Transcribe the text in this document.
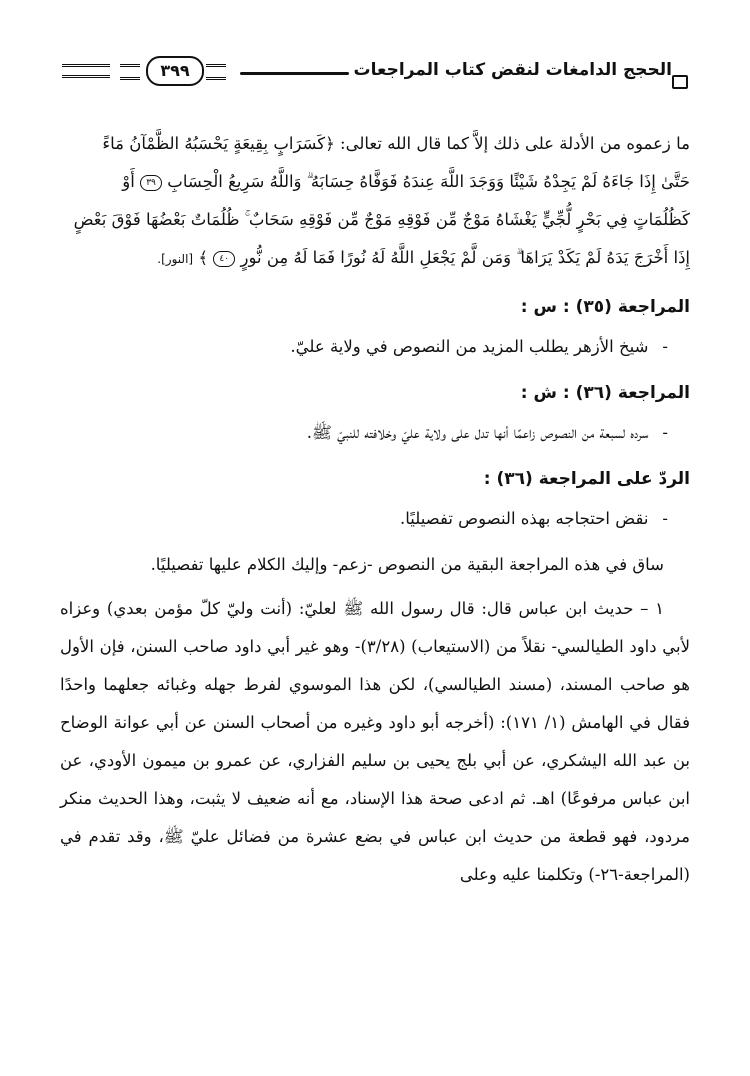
الحجج الدامغات لنقض كتاب المراجعات
٣٩٩
ما زعموه من الأدلة على ذلك إلاَّ كما قال الله تعالى: ﴿كَسَرَابٍ بِقِيعَةٍ يَحْسَبُهُ الظَّمْآنُ مَاءً
حَتَّىٰ إِذَا جَاءَهُ لَمْ يَجِدْهُ شَيْئًا وَوَجَدَ اللَّهَ عِندَهُ فَوَفَّاهُ حِسَابَهُ ۗ وَاللَّهُ سَرِيعُ الْحِسَابِ ٣٩ أَوْ
كَظُلُمَاتٍ فِي بَحْرٍ لُّجِّيٍّ يَغْشَاهُ مَوْجٌ مِّن فَوْقِهِ مَوْجٌ مِّن فَوْقِهِ سَحَابٌ ۚ ظُلُمَاتٌ بَعْضُهَا فَوْقَ بَعْضٍ
إِذَا أَخْرَجَ يَدَهُ لَمْ يَكَدْ يَرَاهَا ۗ وَمَن لَّمْ يَجْعَلِ اللَّهُ لَهُ نُورًا فَمَا لَهُ مِن نُّورٍ ٤٠ ﴾ [النور].
المراجعة (٣٥) : س :
-شيخ الأزهر يطلب المزيد من النصوص في ولاية عليّ.
المراجعة (٣٦) : ش :
-سرده لسبعة من النصوص زاعمًا أنها تدل على ولاية عليّ وخلافته للنبيّ ﷺ.
الردّ على المراجعة (٣٦) :
-نقض احتجاجه بهذه النصوص تفصيليًا.

ساق في هذه المراجعة البقية من النصوص -زعم- وإليك الكلام عليها تفصيليًا.

١ – حديث ابن عباس قال: قال رسول الله ﷺ لعليّ: (أنت وليّ كلّ مؤمن بعدي) وعزاه لأبي داود الطيالسي- نقلاً من (الاستيعاب) (٣/٢٨)- وهو غير أبي داود صاحب السنن، فإن الأول هو صاحب المسند، (مسند الطيالسي)، لكن هذا الموسوي لفرط جهله وغبائه جعلهما واحدًا فقال في الهامش (١/ ١٧١): (أخرجه أبو داود وغيره من أصحاب السنن عن أبي عوانة الوضاح بن عبد الله اليشكري، عن أبي بلج يحيى بن سليم الفزاري، عن عمرو بن ميمون الأودي، عن ابن عباس مرفوعًا) اهـ. ثم ادعى صحة هذا الإسناد، مع أنه ضعيف لا يثبت، وهذا الحديث منكر مردود، فهو قطعة من حديث ابن عباس في بضع عشرة من فضائل عليّ ﷺ، وقد تقدم في (المراجعة-٢٦-) وتكلمنا عليه وعلى
